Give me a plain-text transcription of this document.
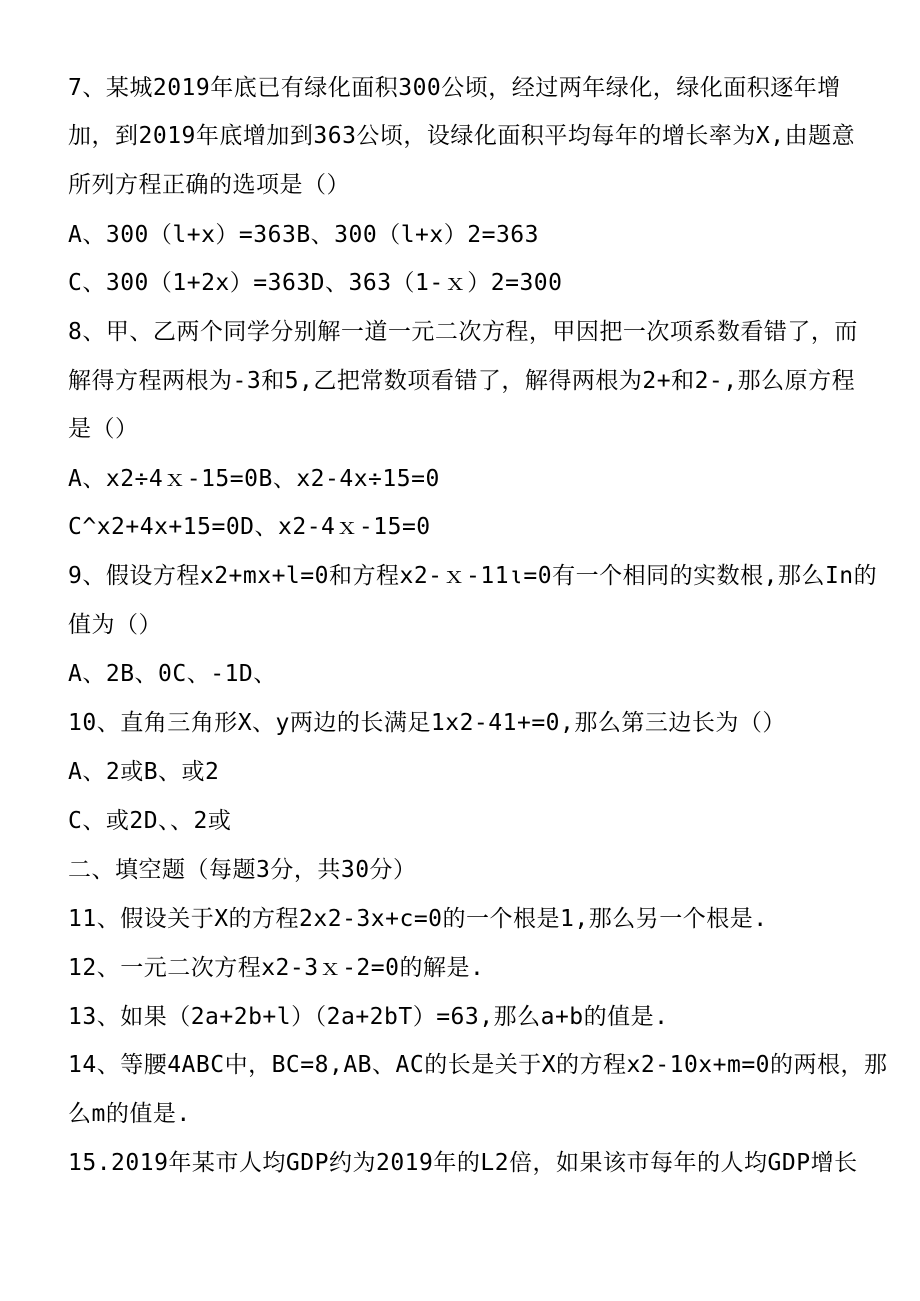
7、某城2019年底已有绿化面积300公顷，经过两年绿化，绿化面积逐年增
加，到2019年底增加到363公顷，设绿化面积平均每年的增长率为X,由题意
所列方程正确的选项是（）
A、300（l+x）=363B、300（l+x）2=363
C、300（1+2x）=363D、363（1-ｘ）2=300
8、甲、乙两个同学分别解一道一元二次方程，甲因把一次项系数看错了，而
解得方程两根为-3和5,乙把常数项看错了，解得两根为2+和2-,那么原方程
是（）
A、x2÷4ｘ-15=0B、x2-4x÷15=0
C^x2+4x+15=0D、x2-4ｘ-15=0
9、假设方程x2+mx+l=0和方程x2-ｘ-11ι=0有一个相同的实数根,那么In的
值为（）
A、2B、0C、-1D、
10、直角三角形X、y两边的长满足1x2-41+=0,那么第三边长为（）
A、2或B、或2
C、或2D、、2或
二、填空题（每题3分，共30分）
11、假设关于X的方程2x2-3x+c=0的一个根是1,那么另一个根是.
12、一元二次方程x2-3ｘ-2=0的解是.
13、如果（2a+2b+l）（2a+2bT）=63,那么a+b的值是.
14、等腰4ABC中，BC=8,AB、AC的长是关于X的方程x2-10x+m=0的两根，那
么m的值是.
15.2019年某市人均GDP约为2019年的L2倍，如果该市每年的人均GDP增长
